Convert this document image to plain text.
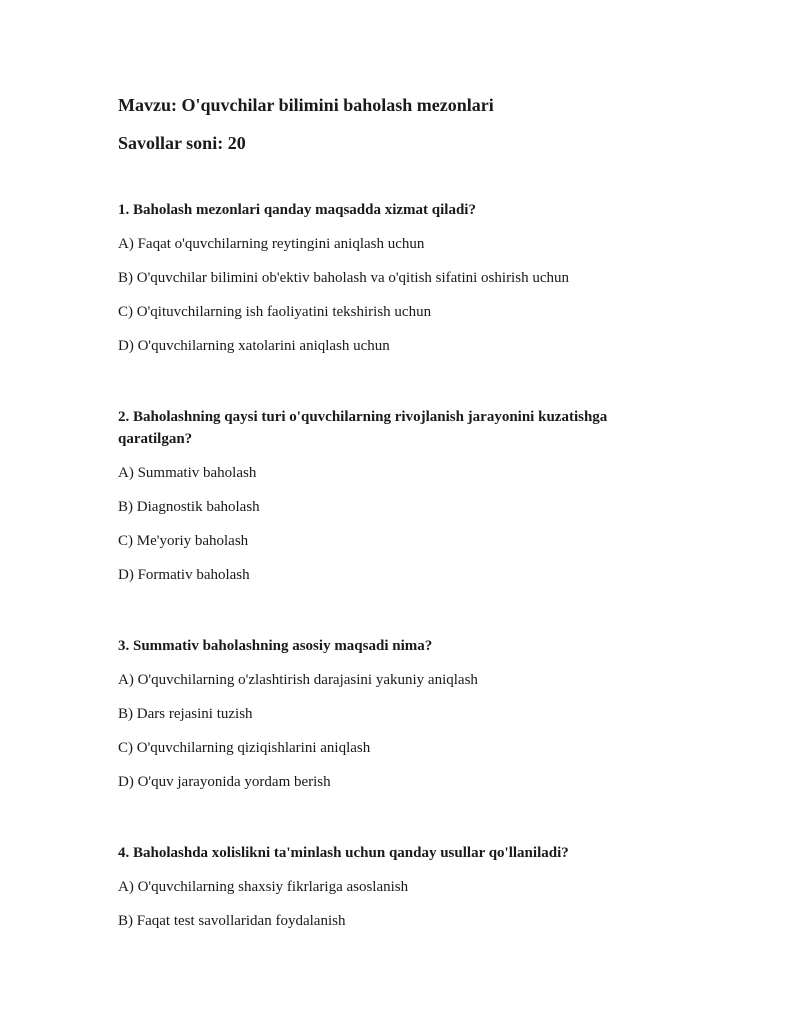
Mavzu: O'quvchilar bilimini baholash mezonlari

Savollar soni: 20

1. Baholash mezonlari qanday maqsadda xizmat qiladi?

A) Faqat o'quvchilarning reytingini aniqlash uchun

B) O'quvchilar bilimini ob'ektiv baholash va o'qitish sifatini oshirish uchun

C) O'qituvchilarning ish faoliyatini tekshirish uchun

D) O'quvchilarning xatolarini aniqlash uchun

2. Baholashning qaysi turi o'quvchilarning rivojlanish jarayonini kuzatishga qaratilgan?

A) Summativ baholash

B) Diagnostik baholash

C) Me'yoriy baholash

D) Formativ baholash

3. Summativ baholashning asosiy maqsadi nima?

A) O'quvchilarning o'zlashtirish darajasini yakuniy aniqlash

B) Dars rejasini tuzish

C) O'quvchilarning qiziqishlarini aniqlash

D) O'quv jarayonida yordam berish

4. Baholashda xolislikni ta'minlash uchun qanday usullar qo'llaniladi?

A) O'quvchilarning shaxsiy fikrlariga asoslanish

B) Faqat test savollaridan foydalanish
